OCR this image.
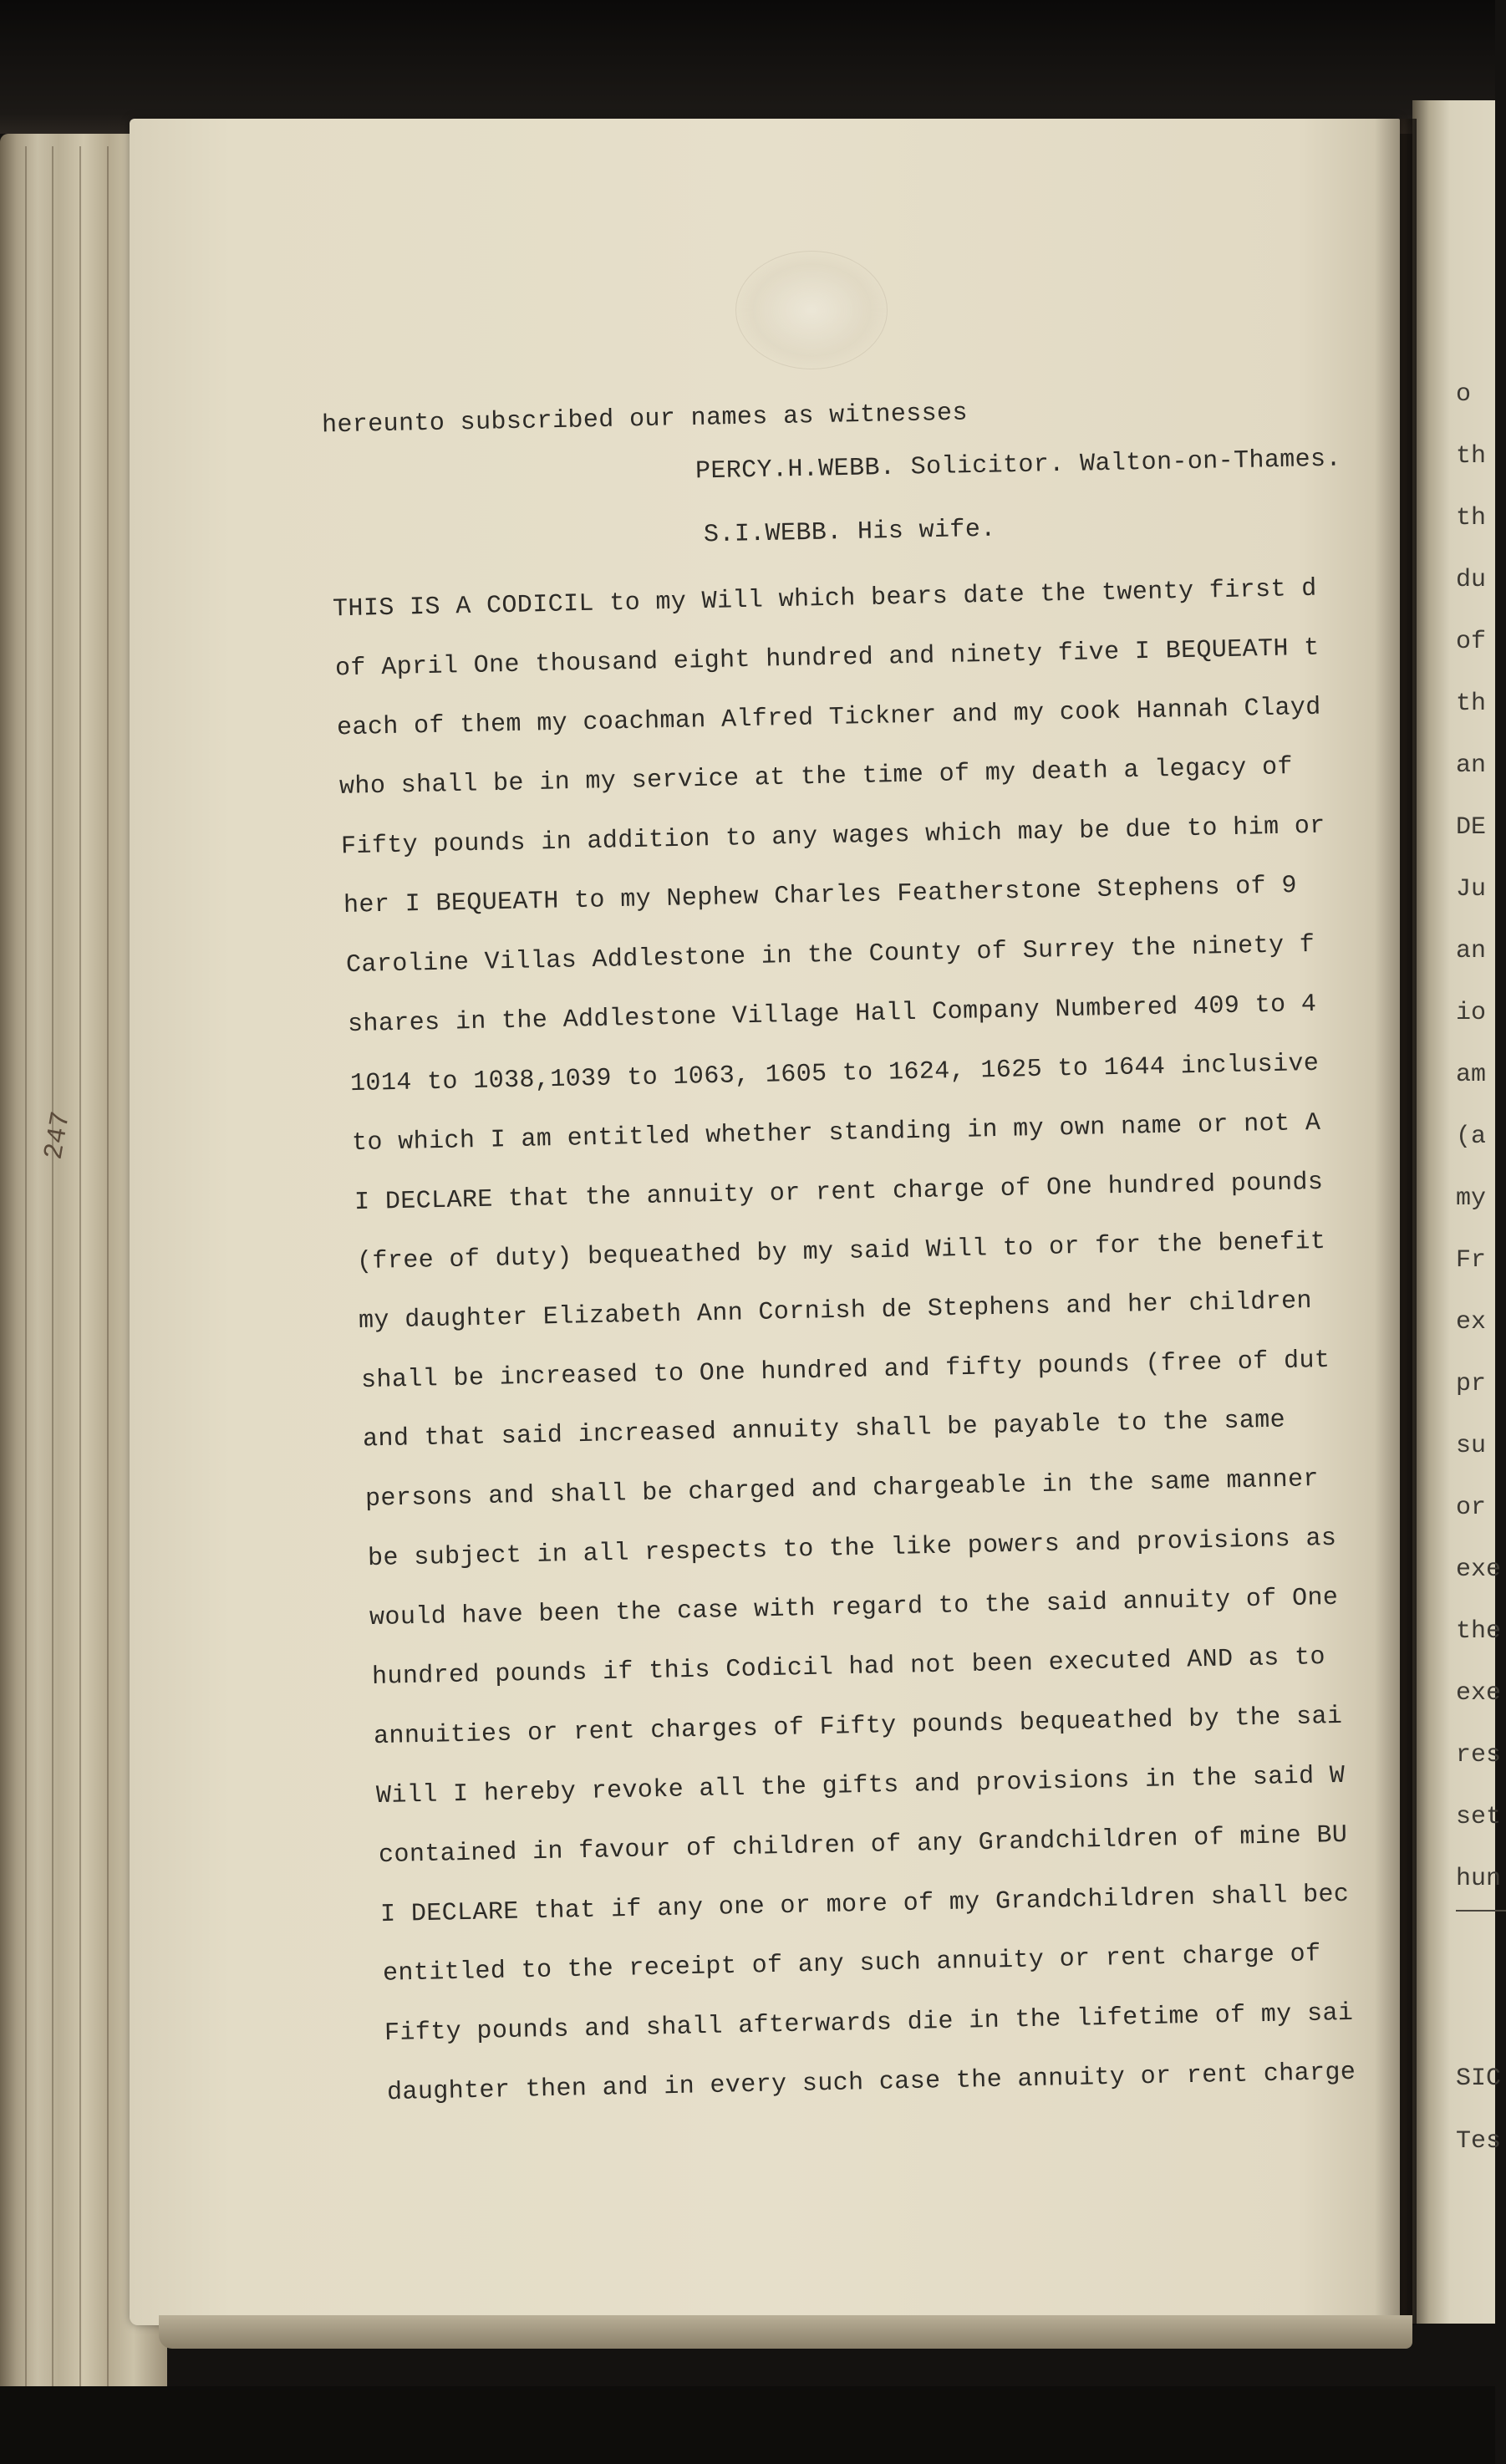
247
o
th
th
du
of
th
an
DE
Ju
an
io
am
(a
my
Fr
ex
pr
su
or
exe
the
exe
res
set
hun
SIC
Tes
hereunto subscribed our names as witnesses
PERCY.H.WEBB. Solicitor. Walton-on-Thames.
S.I.WEBB. His wife.
THIS IS A CODICIL to my Will which bears date the twenty first d
of April One thousand eight hundred and ninety five I BEQUEATH t
each of them my coachman Alfred Tickner and my cook Hannah Clayd
who shall be in my service at the time of my death a legacy of
Fifty pounds in addition to any wages which may be due to him or
her I BEQUEATH to my Nephew Charles Featherstone Stephens of 9
Caroline Villas Addlestone in the County of Surrey the ninety f
shares in the Addlestone Village Hall Company Numbered 409 to 4
1014 to 1038,1039 to 1063, 1605 to 1624, 1625 to 1644 inclusive
to which I am entitled whether standing in my own name or not A
I DECLARE that the annuity or rent charge of One hundred pounds
(free of duty) bequeathed by my said Will to or for the benefit
my daughter Elizabeth Ann Cornish de Stephens and her children
shall be increased to One hundred and fifty pounds (free of dut
and that said increased annuity shall be payable to the same
persons and shall be charged and chargeable in the same manner
be subject in all respects to the like powers and provisions as
would have been the case with regard to the said annuity of One
hundred pounds if this Codicil had not been executed AND as to
annuities or rent charges of Fifty pounds bequeathed by the sai
Will I hereby revoke all the gifts and provisions in the said W
contained in favour of children of any Grandchildren of mine BU
I DECLARE that if any one or more of my Grandchildren shall bec
entitled to the receipt of any such annuity or rent charge of
Fifty pounds and shall afterwards die in the lifetime of my sai
daughter then and in every such case the annuity or rent charge
